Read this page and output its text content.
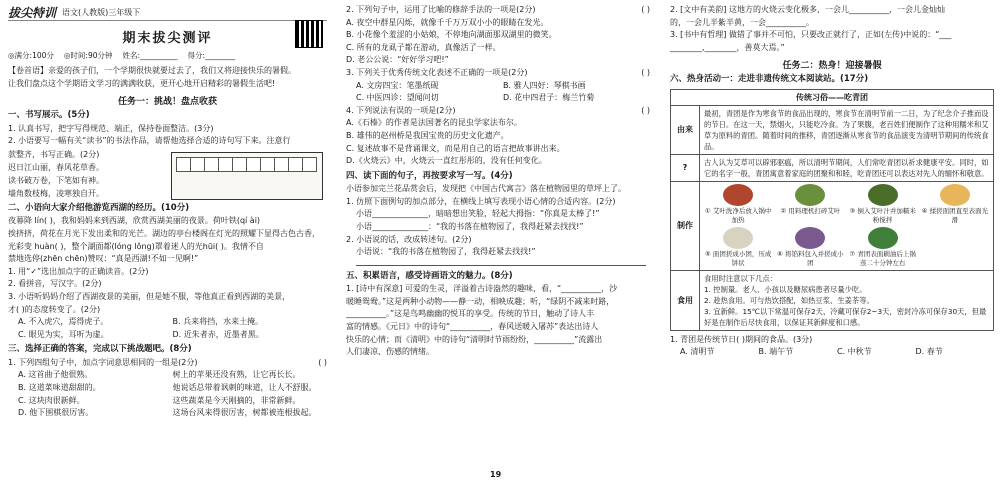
拔尖特训 语文(人教版)三年级下
期末拔尖测评
◎满分:100分 ◎时间:90分钟 姓名:__________ 得分:________

【卷首语】亲爱的孩子们，一个学期很快就要过去了，我们又将迎接快乐的暑假。

让我们盘点这个学期语文学习的满满收获，更开心地开启精彩的暑假生活吧!

任务一：挑战！盘点收获
一、书写展示。(5分)

1. 认真书写，把字写得规范、端正，保持卷面整洁。(3分)

2. 小语要写一幅有关“读书”的书法作品，请帮他选择合适的诗句写下来。注意行

款整齐，书写正确。(2分)

迟日江山丽，春风花草香。

读书破万卷，下笔如有神。

墙角数枝梅，凌寒独自开。

二、小语向大家介绍他游览西湖的经历。(10分)

夜幕降 lín( )，我和妈妈来到西湖，欣赏西湖美丽的夜景。荷叶铁(qí ài)

挨挤挤，荷花在月光下发出柔和的光芒。湖边的亭台楼阁在灯光的照耀下显得古色古香，

光彩变 huàn( )，整个湖面都(lóng lǒng)罩着迷人的光hūi( )。我情不自

禁地选停(zhēn chēn)赞叹：“真是西湖!不如一见啊!”

1. 用“✓”选出加点字的正确读音。(2分)

2. 看拼音，写汉字。(2分)

3. 小语听妈妈介绍了西湖夜景的美丽，但是她不服，等他真正看到西湖的美景，

才( )的态度转变了。(2分)

A. 不入虎穴，焉得虎子。	B. 兵来将挡，水来土掩。
C. 眼见为实，耳听为虚。	D. 近朱者赤，近墨者黑。
三、选择正确的答案，完成以下挑战题吧。(8分)

1. 下列四组句子中，加点字词意思相同的一组是(2分)	( )

A. 这首曲子他很熟。	树上的苹果还没有熟，让它再长长。
B. 这道菜味道甜甜的。	他说话总带着讽刺的味道，让人不舒服。
C. 这块肉很新鲜。	这些蔬菜是今天刚摘的，非常新鲜。
D. 他下围棋很厉害。	这场台风来得很厉害，树都被连根拔起。

2. 下列句子中，运用了比喻的修辞手法的一项是(2分)	( )

A. 夜空中群星闪烁，就像千千万万双小小的眼睛在发光。

B. 小花像个羞涩的小姑娘，不停地向湖面那双湖里的微笑。

C. 所有的龙虱子都在游动，真像活了一样。

D. 老公公说：“好好学习吧!”

3. 下列关于优秀传统文化表述不正确的一项是(2分)	( )

A. 文房四宝：笔墨纸砚	B. 雅人四好：琴棋书画
C. 中医四诊：望闻问切	D. 花中四君子：梅兰竹菊

4. 下列说法有误的一项是(2分)	( )

A.《石榛》的作者是法国著名的昆虫学家法布尔。

B. 雄伟的赵州桥是我国宝贵的历史文化遗产。

C. 复述故事不是背诵课文，而是用自己的语言把故事讲出来。

D.《火烧云》中，火烧云一直红彤彤的，没有任何变化。

四、读下面的句子，再按要求写一写。(4分)

小语参加完兰花品赏会后，发现把《中国古代寓言》落在植物园里的草坪上了。

1. 仿照下面例句的加点部分，在横线上填写表现小语心情的合适内容。(2分)

小语______________，暗暗想出笑脸，轻起大拇指：“你真是太棒了!”

小语______________：“我的书落在植物园了，我得赶紧去找找!”

2. 小语说的话，改成转述句。(2分)

小语说：“我的书落在植物园了，我得赶紧去找找!”

五、积累语言，感受诗画语文的魅力。(8分)

1. [诗中有深意] 可爱的生灵，洋溢着古诗盎然的趣味，看，“__________，沙

暖睡鸳鸯。”这是两种小动物——静一动，相映成趣；听，“绿阴不减来时路，

__________。”这是鸟鸣幽幽的悦耳的享受。传统的节日，触动了诗人丰

富的情感。《元日》中的诗句“__________，春风送暖入屠苏”表达出诗人

快乐的心情；而《清明》中的诗句“清明时节雨纷纷，__________”流露出

人们凄凉、伤感的情绪。

19

2. [文中有美韵] 这地方的火烧云变化极多，一会儿__________，一会儿金灿灿

的，一会儿半紫半黄，一会__________。

3. [书中有哲理] 做错了事并不可怕，只要改正就行了，正如(左传)中说的：“___

________,________，善莫大焉。”

任务二：热身！迎接暑假
六、热身活动一：走进非遗传统文本阅读站。(17分)
传统习俗——吃青团
由来
最初，青团是作为寒食节的食品出现的，寒食节在清明节前一二日，为了纪念介子推而设的节日。在这一天，禁烟火，只能吃冷食。为了果腹，老百姓们便制作了这种用糯米和艾草为原料的青团。随着时间的推移，青团逐渐从寒食节的食品演变为清明节期间的传统食品。
?
古人认为艾草可以辟邪驱瘟，所以清明节期间，人们常吃青团以祈求健康平安。同时，如它的名字一般，青团寓意着家庭的团聚和和睦，吃青团还可以表达对先人的缅怀和敬意。
制作
① 艾叶洗净后放入锅中加热
② 用料理机打碎艾叶	③ 倒入艾叶汁并加糯米粉搅拌
④ 揉搓面团直至表面光滑
⑤ 面团搓成小团，压成饼状
⑥ 将馅料包入并搓成小团
⑦ 青团表面刷油后上锅蒸二十分钟左右
食用
食用时注意以下几点：
1. 控制量。老人、小孩以及糖尿病患者尽量少吃。
2. 趁热食用。可与热饮搭配，如热豆浆、生姜茶等。
3. 宜新鲜。15℃以下常温可保存2天，冷藏可保存2~3天，密封冷冻可保存30天，但最好是在制作后尽快食用，以保证其新鲜度和口感。

1. 青团是传统节日( )期间的食品。(3分)

A. 清明节	B. 端午节	C. 中秋节	D. 春节
